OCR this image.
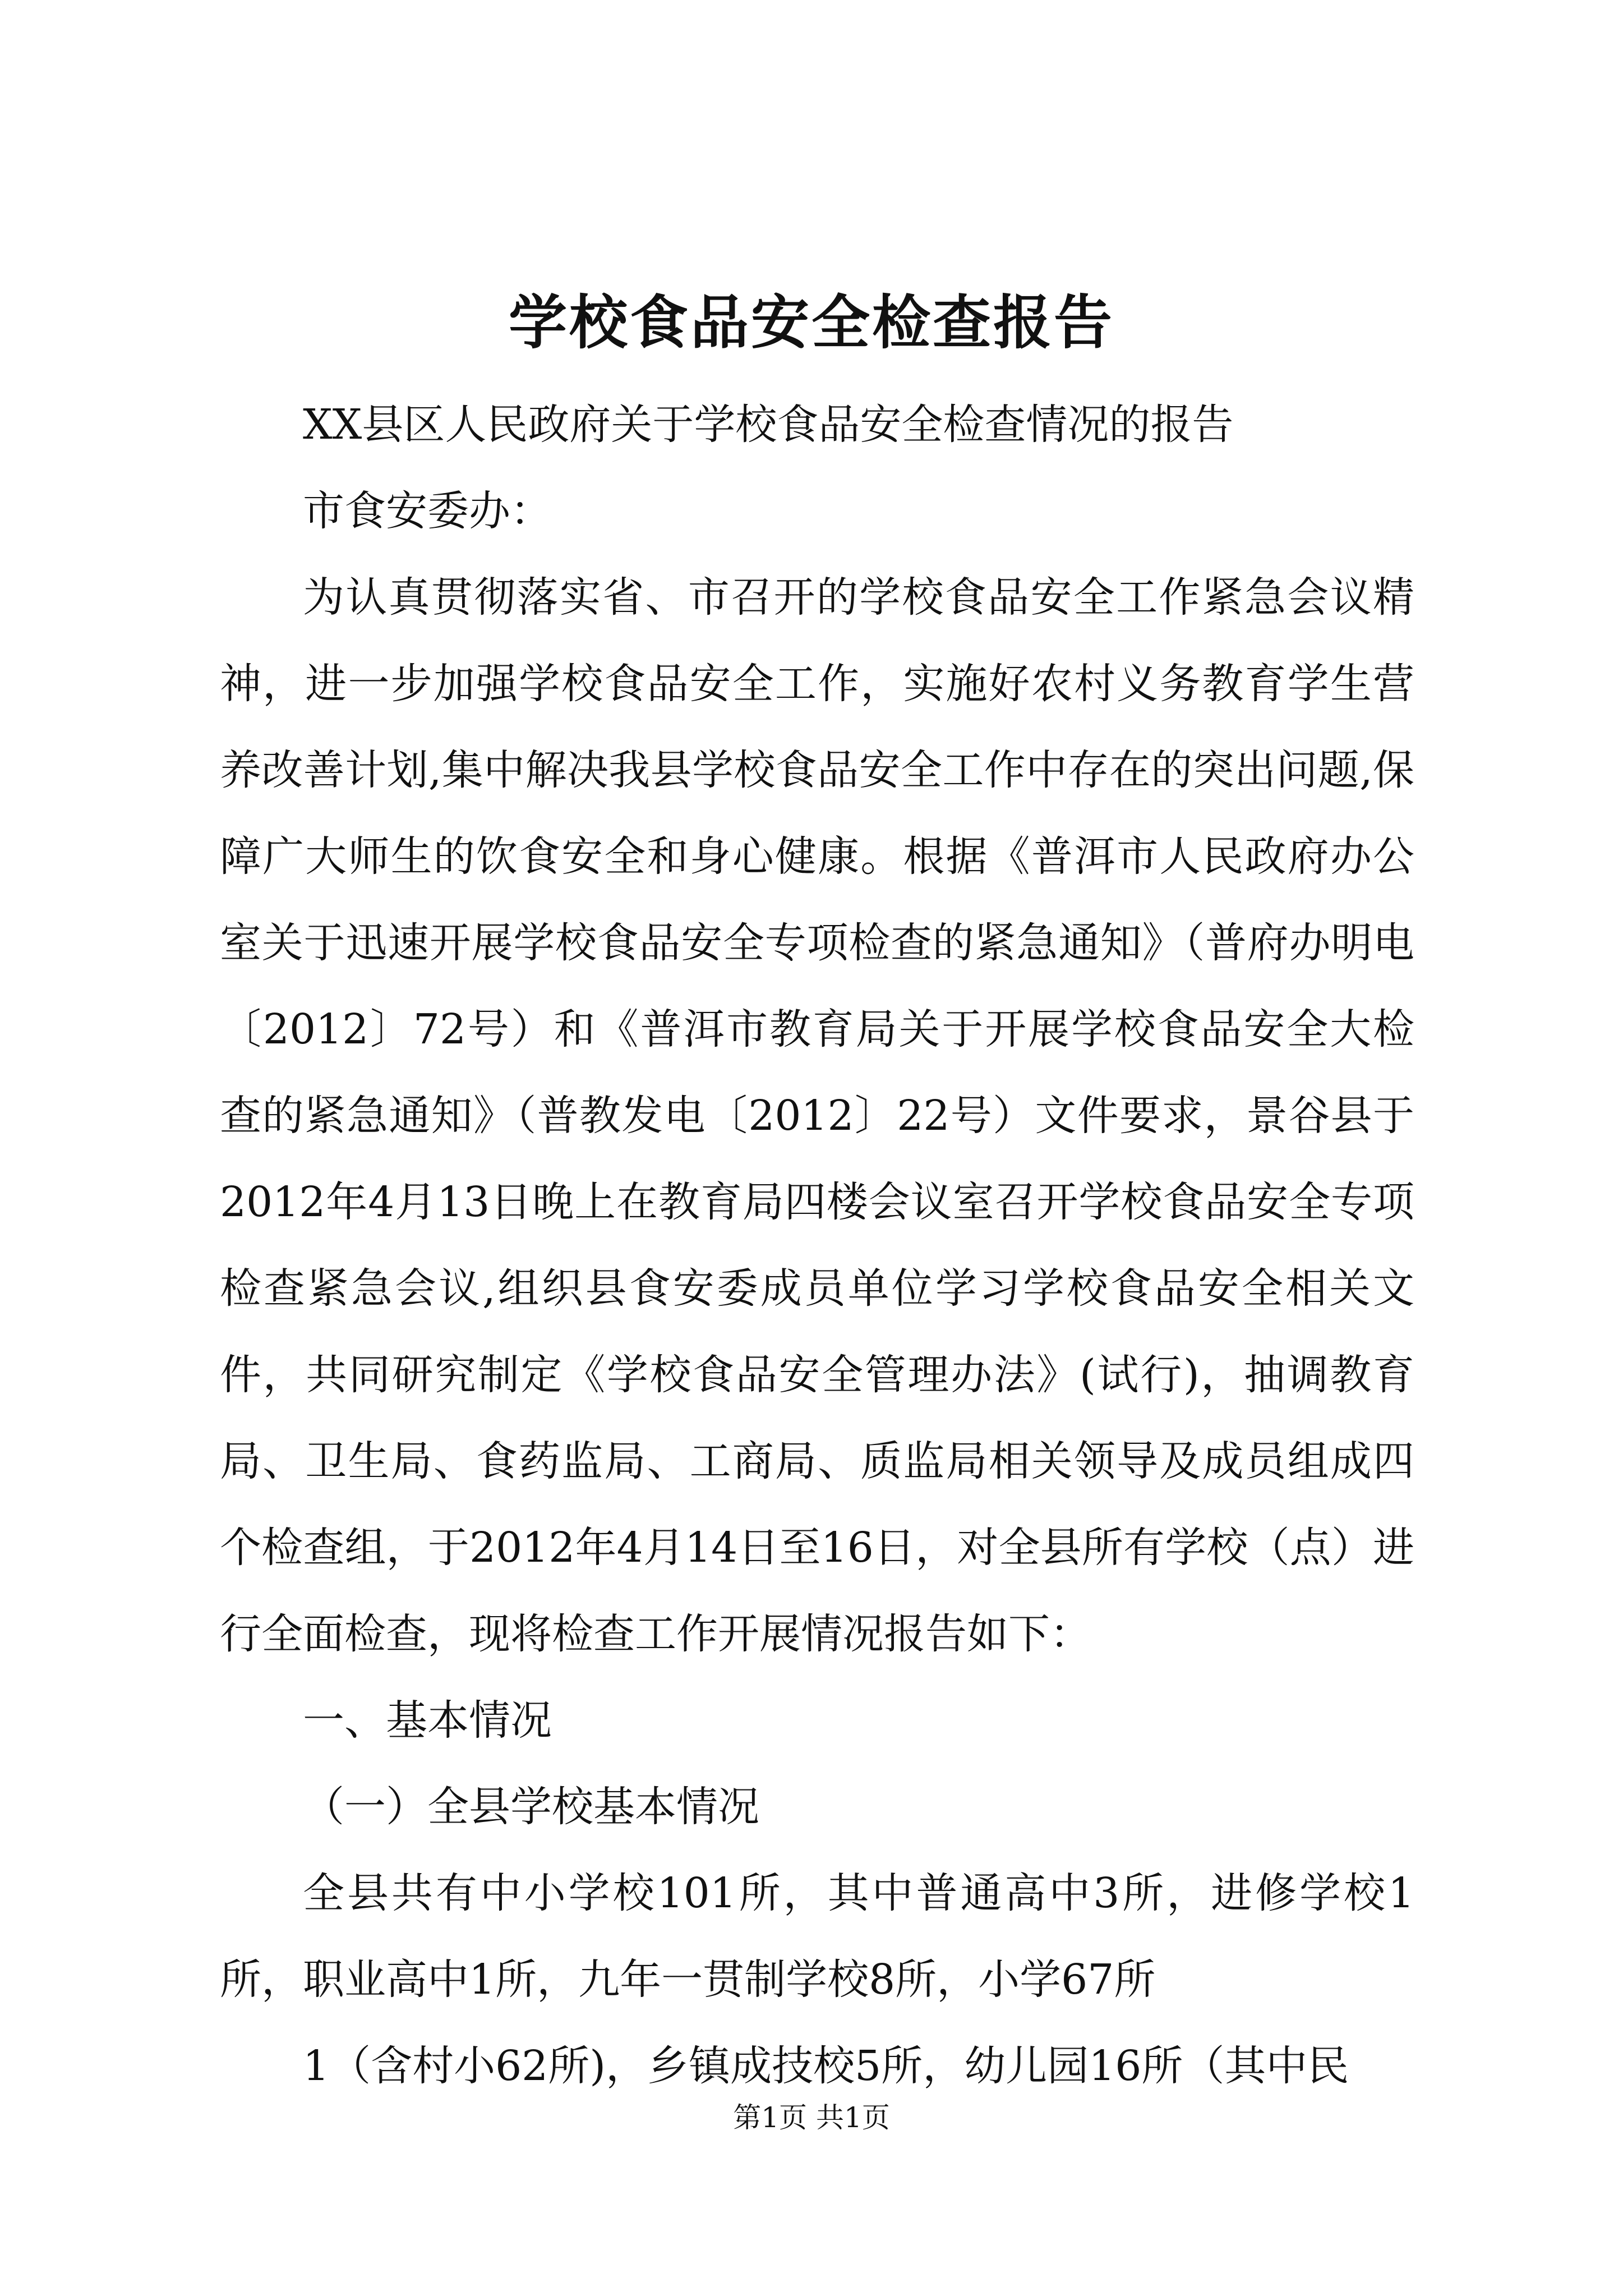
学校食品安全检查报告

XX县区人民政府关于学校食品安全检查情况的报告

市食安委办：

为认真贯彻落实省、市召开的学校食品安全工作紧急会议精神，进一步加强学校食品安全工作，实施好农村义务教育学生营养改善计划,集中解决我县学校食品安全工作中存在的突出问题,保障广大师生的饮食安全和身心健康。根据《普洱市人民政府办公室关于迅速开展学校食品安全专项检查的紧急通知》（普府办明电〔2012〕72号）和《普洱市教育局关于开展学校食品安全大检查的紧急通知》（普教发电〔2012〕22号）文件要求，景谷县于2012年4月13日晚上在教育局四楼会议室召开学校食品安全专项检查紧急会议,组织县食安委成员单位学习学校食品安全相关文件，共同研究制定《学校食品安全管理办法》(试行)，抽调教育局、卫生局、食药监局、工商局、质监局相关领导及成员组成四个检查组，于2012年4月14日至16日，对全县所有学校（点）进行全面检查，现将检查工作开展情况报告如下：

一、基本情况

（一）全县学校基本情况

全县共有中小学校101所，其中普通高中3所，进修学校1所，职业高中1所，九年一贯制学校8所，小学67所

1（含村小62所)，乡镇成技校5所，幼儿园16所（其中民

第1页 共1页
